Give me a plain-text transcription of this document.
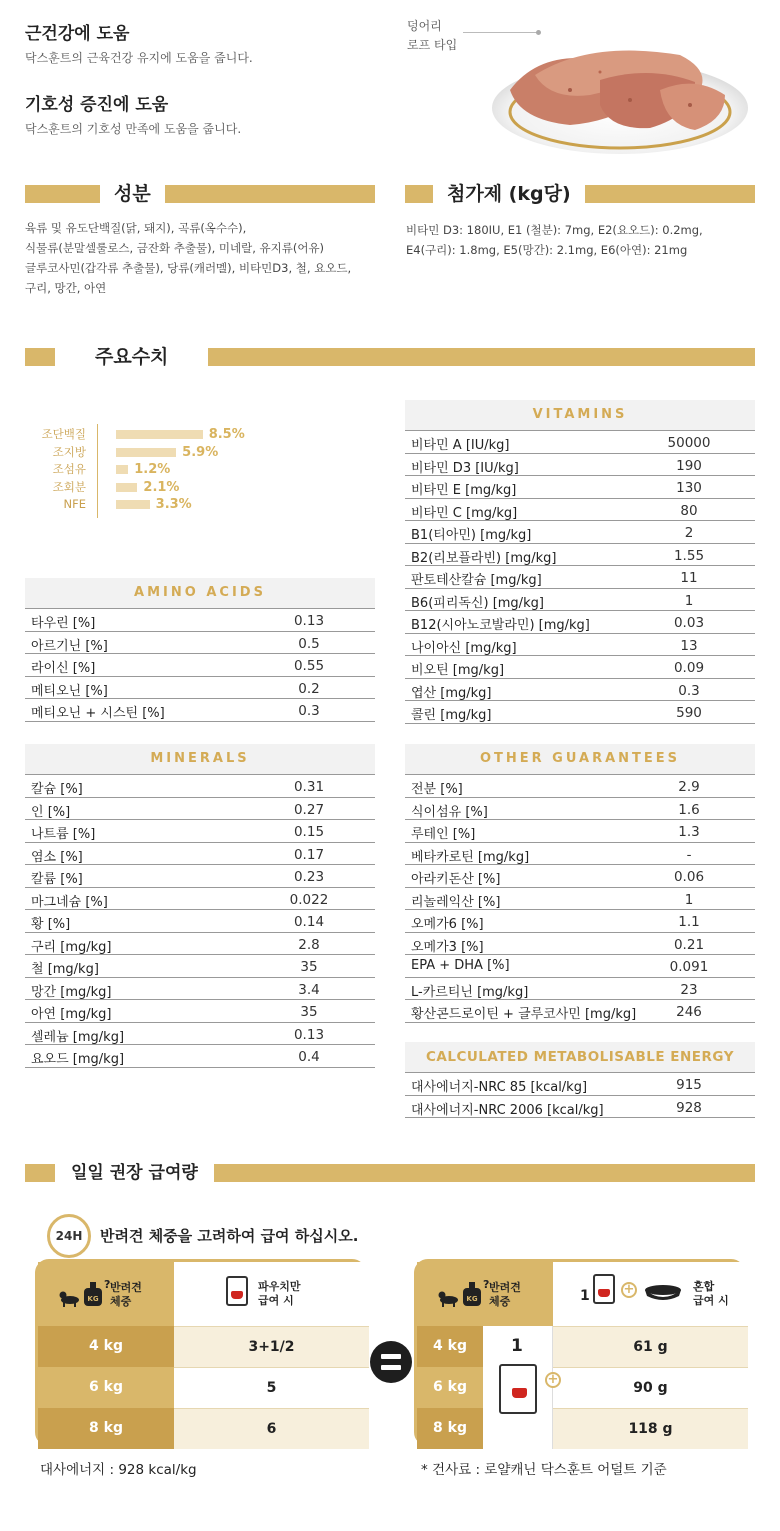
근건강에 도움
닥스훈트의 근육건강 유지에 도움을 줍니다.
기호성 증진에 도움
닥스훈트의 기호성 만족에 도움을 줍니다.
덩어리
로프 타입
성분	첨가제 (kg당)
육류 및 유도단백질(닭, 돼지), 곡류(옥수수),
식물류(분말셀룰로스, 금잔화 추출물), 미네랄, 유지류(어유)
글루코사민(갑각류 추출물), 당류(캐러멜), 비타민D3, 철, 요오드,
구리, 망간, 아연
비타민 D3: 180IU, E1 (철분): 7mg, E2(요오드): 0.2mg,
E4(구리): 1.8mg, E5(망간): 2.1mg, E6(아연): 21mg
주요수치
조단백질	8.5%
조지방	5.9%
조섬유	1.2%
조회분	2.1%
NFE	3.3%
AMINO ACIDS
타우린 [%]	0.13
아르기닌 [%]	0.5
라이신 [%]	0.55
메티오닌 [%]	0.2
메티오닌 + 시스틴 [%]	0.3
MINERALS
칼슘 [%]	0.31
인 [%]	0.27
나트륨 [%]	0.15
염소 [%]	0.17
칼륨 [%]	0.23
마그네슘 [%]	0.022
황 [%]	0.14
구리 [mg/kg]	2.8
철 [mg/kg]	35
망간 [mg/kg]	3.4
아연 [mg/kg]	35
셀레늄 [mg/kg]	0.13
요오드 [mg/kg]	0.4
VITAMINS
비타민 A [IU/kg]	50000
비타민 D3 [IU/kg]	190
비타민 E [mg/kg]	130
비타민 C [mg/kg]	80
B1(티아민) [mg/kg]	2
B2(리보플라빈) [mg/kg]	1.55
판토테산칼슘 [mg/kg]	11
B6(피리독신) [mg/kg]	1
B12(시아노코발라민) [mg/kg]	0.03
나이아신 [mg/kg]	13
비오틴 [mg/kg]	0.09
엽산 [mg/kg]	0.3
콜린 [mg/kg]	590
OTHER GUARANTEES
전분 [%]	2.9
식이섬유 [%]	1.6
루테인 [%]	1.3
베타카로틴 [mg/kg]	-
아라키돈산 [%]	0.06
리놀레익산 [%]	1
오메가6 [%]	1.1
오메가3 [%]	0.21
EPA + DHA [%]	0.091
L-카르티닌 [mg/kg]	23
황산콘드로이틴 + 글루코사민 [mg/kg]	246
CALCULATED METABOLISABLE ENERGY
대사에너지-NRC 85 [kcal/kg]	915
대사에너지-NRC 2006 [kcal/kg]	928
일일 권장 급여량
24H	반려견 체중을 고려하여 급여 하십시오.
KG
? 반려견
체중
파우치만
급여 시
4 kg	3+1/2
6 kg	5
8 kg	6
KG
? 반려견
체중	1	+	혼합
급여 시
4 kg	61 g
6 kg	90 g
8 kg	118 g
1
+
대사에너지 : 928 kcal/kg	* 건사료 : 로얄캐닌 닥스훈트 어덜트 기준
